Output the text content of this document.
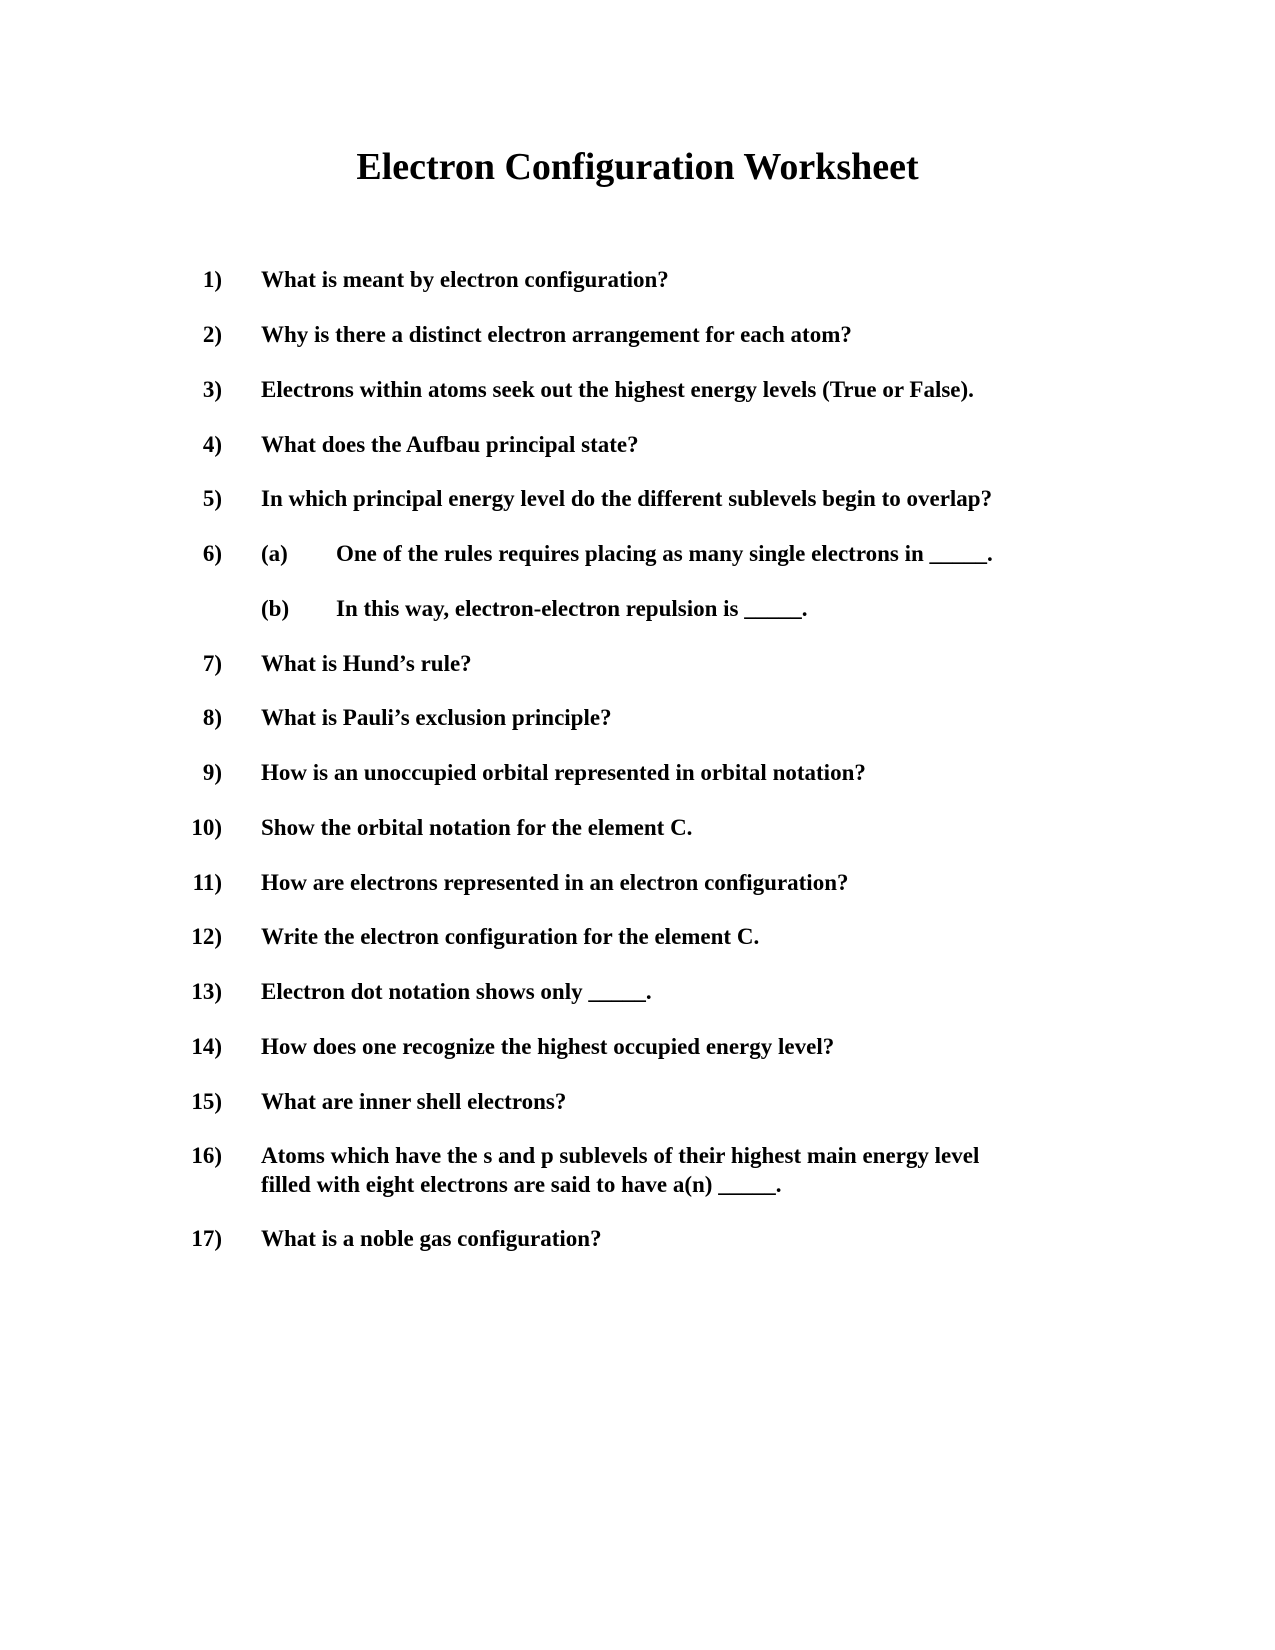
Electron Configuration Worksheet
1) What is meant by electron configuration?
2) Why is there a distinct electron arrangement for each atom?
3) Electrons within atoms seek out the highest energy levels (True or False).
4) What does the Aufbau principal state?
5) In which principal energy level do the different sublevels begin to overlap?
6) (a)	One of the rules requires placing as many single electrons in _____.
(b)	In this way, electron-electron repulsion is _____.
7) What is Hund’s rule?
8) What is Pauli’s exclusion principle?
9) How is an unoccupied orbital represented in orbital notation?
10) Show the orbital notation for the element C.
11) How are electrons represented in an electron configuration?
12) Write the electron configuration for the element C.
13) Electron dot notation shows only _____.
14) How does one recognize the highest occupied energy level?
15) What are inner shell electrons?
16) Atoms which have the s and p sublevels of their highest main energy level
filled with eight electrons are said to have a(n) _____.
17) What is a noble gas configuration?
